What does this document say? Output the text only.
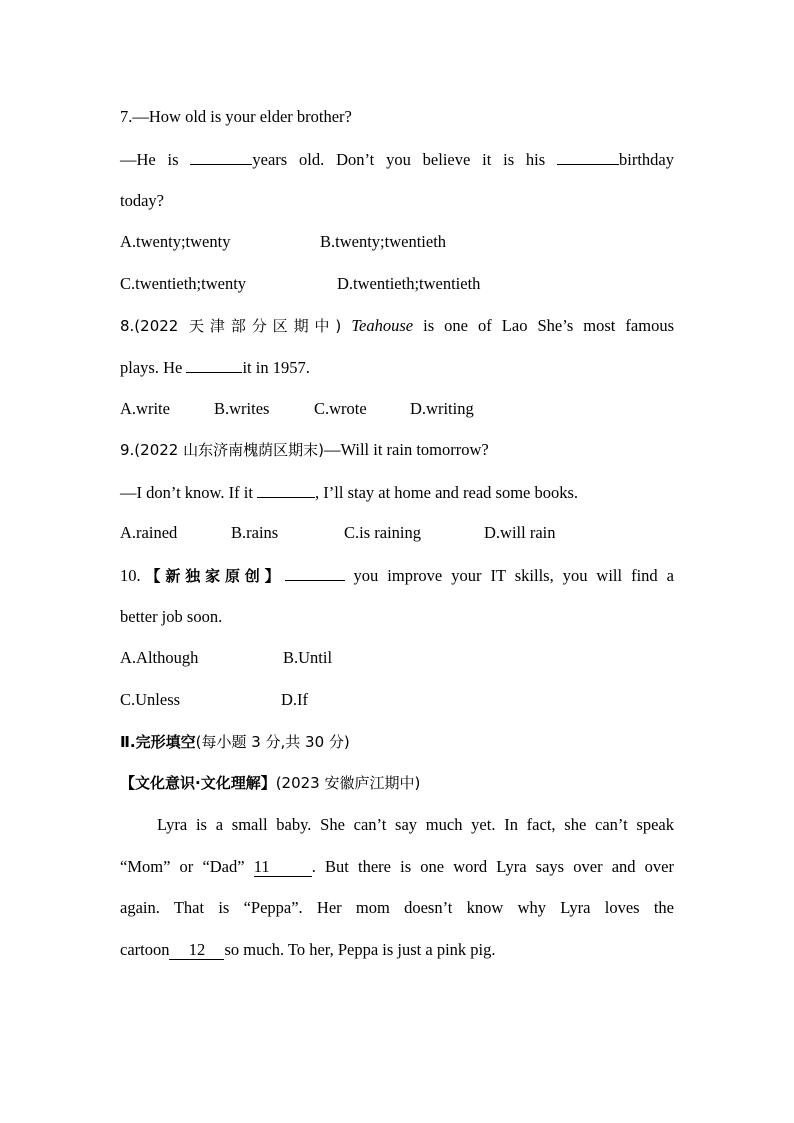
7.—How old is your elder brother?
—He is	years old. Don’t you believe it is his	birthday
today?
A.twenty;twenty	B.twenty;twentieth
C.twentieth;twenty	D.twentieth;twentieth
8.(2022 天津部分区期中) Teahouse is one of Lao She’s most famous
plays. He	it in 1957.
A.write	B.writes	C.wrote	D.writing
9.(2022 山东济南槐荫区期末)—Will it rain tomorrow?
—I don’t know. If it	, I’ll stay at home and read some books.
A.rained	B.rains	C.is raining	D.will rain
10.【新独家原创】	you improve your IT skills, you will find a
better job soon.
A.Although	B.Until
C.Unless	D.If
Ⅱ.完形填空(每小题 3 分,共 30 分)
【文化意识·文化理解】(2023 安徽庐江期中)
Lyra is a small baby. She can’t say much yet. In fact, she can’t speak
“Mom” or “Dad” 11	. But there is one word Lyra says over and over
again. That is “Peppa”. Her mom doesn’t know why Lyra loves the
cartoon 12 so much. To her, Peppa is just a pink pig.
